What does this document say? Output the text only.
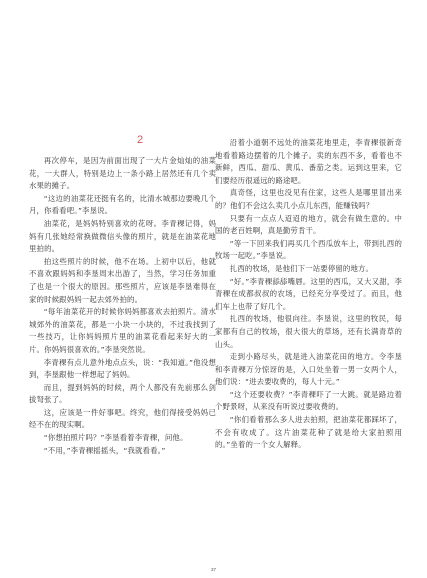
2

再次停车，是因为前面出现了一大片金灿灿的油菜花，一大群人，特别是边上一条小路上居然还有几个卖水果的摊子。

“这边的油菜花还挺有名的，比清水城那边要晚几个月，你看看吧。”李垦说。

油菜花，是妈妈特别喜欢的花呀。李青稞记得，妈妈有几张她经常换做微信头像的照片，就是在油菜花地里拍的。

拍这些照片的时候，他不在场。上初中以后，他就不喜欢跟妈妈和李垦周末出游了，当然，学习任务加重了也是一个很大的原因。那些照片，应该是李垦难得在家的时候跟妈妈一起去郊外拍的。

“每年油菜花开的时候你妈妈都喜欢去拍照片。清水城郊外的油菜花，都是一小块一小块的，不过我找到了一些技巧，让你妈妈照片里的油菜花看起来好大的一片。你妈妈很喜欢的。”李垦突然说。

李青稞有点儿意外地点点头，说：“我知道。”他没想到，李垦跟他一样想起了妈妈。

而且，提到妈妈的时候，两个人都没有先前那么剑拔弩张了。

这，应该是一件好事吧。终究，他们得接受妈妈已经不在的现实啊。

“你想拍照片吗？”李垦看着李青稞，问他。

“不用，”李青稞摇摇头，“我就看看。”

沿着小道朝不远处的油菜花地里走，李青稞很新奇地看着路边摆着的几个摊子。卖的东西不多，看着也不新鲜，西瓜、甜瓜、黄瓜、番茄之类。运到这里来，它们要经历很遥远的路途吧。

真奇怪，这里也没见有住家，这些人是哪里冒出来的？他们不会这么卖几小点儿东西，能赚钱吗？

只要有一点点人迢迢的地方，就会有做生意的。中国的老百姓啊，真是勤劳肯干。

“等一下回来我们再买几个西瓜放车上，带到扎西的牧场一起吃。”李垦说。

扎西的牧场，是他们下一站要停留的地方。

“好。”李青稞舔舔嘴唇。这里的西瓜，又大又甜，李青稞在成都叔叔的农场，已经充分享受过了。而且，他们车上也带了好几个。

扎西的牧场，他很向往。李垦说，这里的牧民，每家都有自己的牧场，很大很大的草场，还有长满青草的山头。

走到小路尽头，就是进入油菜花田的地方。令李垦和李青稞万分惊讶的是，入口处坐着一男一女两个人，他们说：“进去要收费的，每人十元。”

“这个还要收费？”李青稞吓了一大跳。就是路边着个野景呀，从来没有听说过要收费的。

“你们看着那么多人进去拍照，把油菜花都踩坏了，不会有收成了。这片油菜花种了就是给大家拍照用的。”坐着的一个女人解释。

37
